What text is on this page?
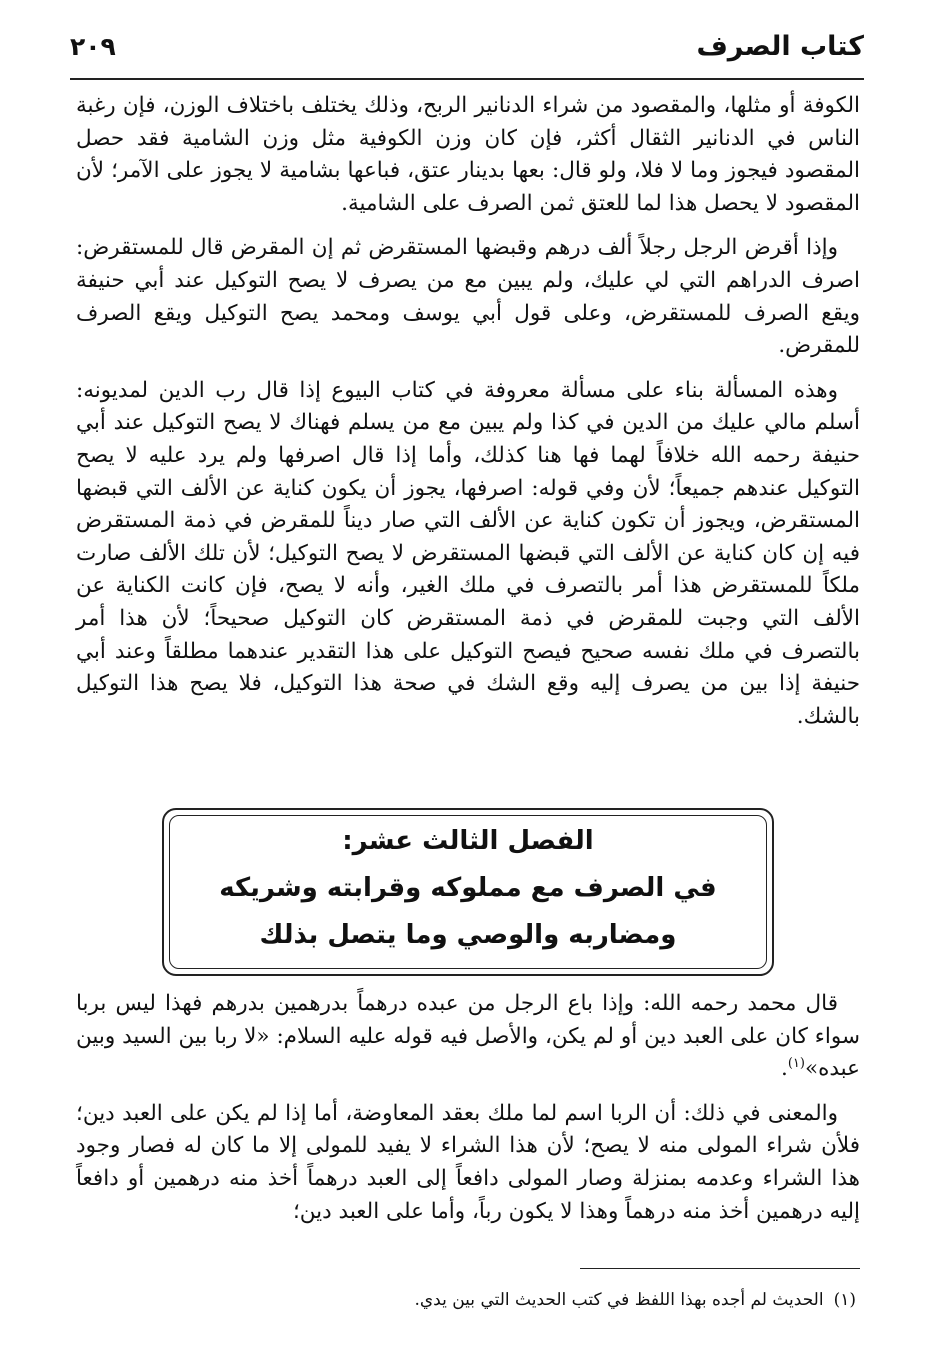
كتاب الصرف
٢٠٩

الكوفة أو مثلها، والمقصود من شراء الدنانير الربح، وذلك يختلف باختلاف الوزن، فإن رغبة الناس في الدنانير الثقال أكثر، فإن كان وزن الكوفية مثل وزن الشامية فقد حصل المقصود فيجوز وما لا فلا، ولو قال: بعها بدينار عتق، فباعها بشامية لا يجوز على الآمر؛ لأن المقصود لا يحصل هذا لما للعتق ثمن الصرف على الشامية.

وإذا أقرض الرجل رجلاً ألف درهم وقبضها المستقرض ثم إن المقرض قال للمستقرض: اصرف الدراهم التي لي عليك، ولم يبين مع من يصرف لا يصح التوكيل عند أبي حنيفة ويقع الصرف للمستقرض، وعلى قول أبي يوسف ومحمد يصح التوكيل ويقع الصرف للمقرض.

وهذه المسألة بناء على مسألة معروفة في كتاب البيوع إذا قال رب الدين لمديونه: أسلم مالي عليك من الدين في كذا ولم يبين مع من يسلم فهناك لا يصح التوكيل عند أبي حنيفة رحمه الله خلافاً لهما فها هنا كذلك، وأما إذا قال اصرفها ولم يرد عليه لا يصح التوكيل عندهم جميعاً؛ لأن وفي قوله: اصرفها، يجوز أن يكون كناية عن الألف التي قبضها المستقرض، ويجوز أن تكون كناية عن الألف التي صار ديناً للمقرض في ذمة المستقرض فيه إن كان كناية عن الألف التي قبضها المستقرض لا يصح التوكيل؛ لأن تلك الألف صارت ملكاً للمستقرض هذا أمر بالتصرف في ملك الغير، وأنه لا يصح، فإن كانت الكناية عن الألف التي وجبت للمقرض في ذمة المستقرض كان التوكيل صحيحاً؛ لأن هذا أمر بالتصرف في ملك نفسه صحيح فيصح التوكيل على هذا التقدير عندهما مطلقاً وعند أبي حنيفة إذا بين من يصرف إليه وقع الشك في صحة هذا التوكيل، فلا يصح هذا التوكيل بالشك.

الفصل الثالث عشر:
في الصرف مع مملوكه وقرابته وشريكه
ومضاربه والوصي وما يتصل بذلك

قال محمد رحمه الله: وإذا باع الرجل من عبده درهماً بدرهمين بدرهم فهذا ليس بربا سواء كان على العبد دين أو لم يكن، والأصل فيه قوله عليه السلام: «لا ربا بين السيد وبين عبده»$^{(١)}$.

والمعنى في ذلك: أن الربا اسم لما ملك بعقد المعاوضة، أما إذا لم يكن على العبد دين؛ فلأن شراء المولى منه لا يصح؛ لأن هذا الشراء لا يفيد للمولى إلا ما كان له فصار وجود هذا الشراء وعدمه بمنزلة وصار المولى دافعاً إلى العبد درهماً أخذ منه درهمين أو دافعاً إليه درهمين أخذ منه درهماً وهذا لا يكون رباً، وأما على العبد دين؛

(١)الحديث لم أجده بهذا اللفظ في كتب الحديث التي بين يدي.
